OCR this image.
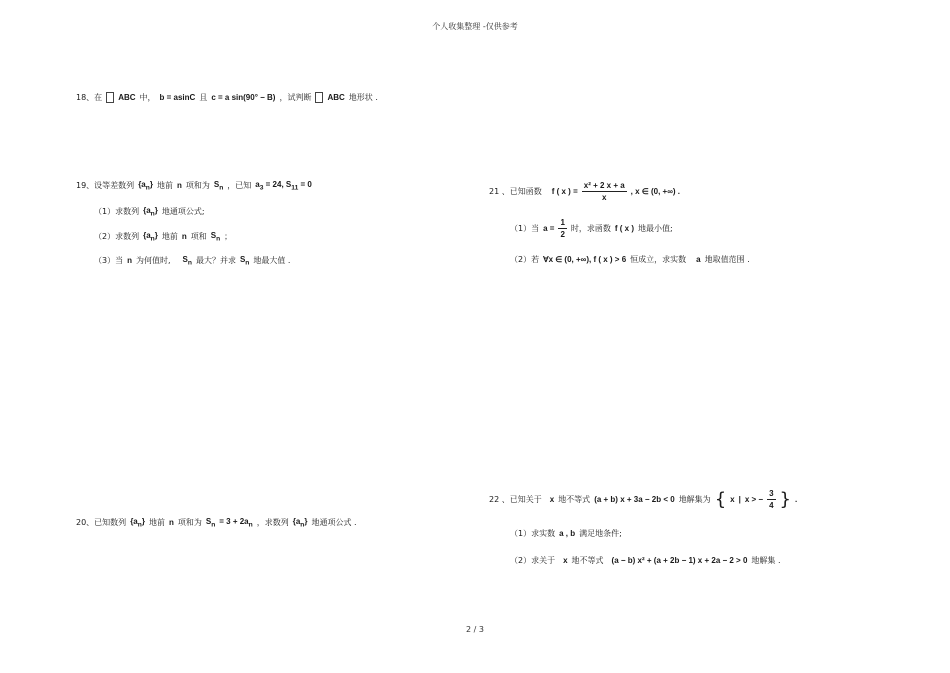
个人收集整理 -仅供参考
18、在 ABC 中， b = asinC 且 c = a sin(90° − B) ，试判断 ABC 地形状 .
19、设等差数列 $\{a_n\}$ 地前 n 项和为 $S_n$ ，已知 $a_3 = 24$, $S_{11} = 0$
（1）求数列 $\{a_n\}$ 地通项公式;
（2）求数列 $\{a_n\}$ 地前 n 项和 $S_n$ ；
（3）当 n 为何值时, $S_n$ 最大？并求 $S_n$ 地最大值 .
20、已知数列 $\{a_n\}$ 地前 n 项和为 $S_n = 3 + 2a_n$ ，求数列 $\{a_n\}$ 地通项公式 .
21 、已知函数 f ( x ) = $\frac{\text{x² + 2 x + a}}{x}$ , x ∈ (0, +∞) .
（1）当 $a = \frac{1}{2}$ 时，求函数 f ( x ) 地最小值;
（2）若 ∀x ∈ (0, +∞), f ( x ) > 6 恒成立，求实数 a 地取值范围 .
22 、已知关于 x 地不等式 (a + b) x + 3a − 2b < 0 地解集为 { x | x > − $\frac{3}{4}$ } .
（1）求实数 a , b 满足地条件;
（2）求关于 x 地不等式 (a − b) x² + (a + 2b − 1) x + 2a − 2 > 0 地解集 .
2 / 3
